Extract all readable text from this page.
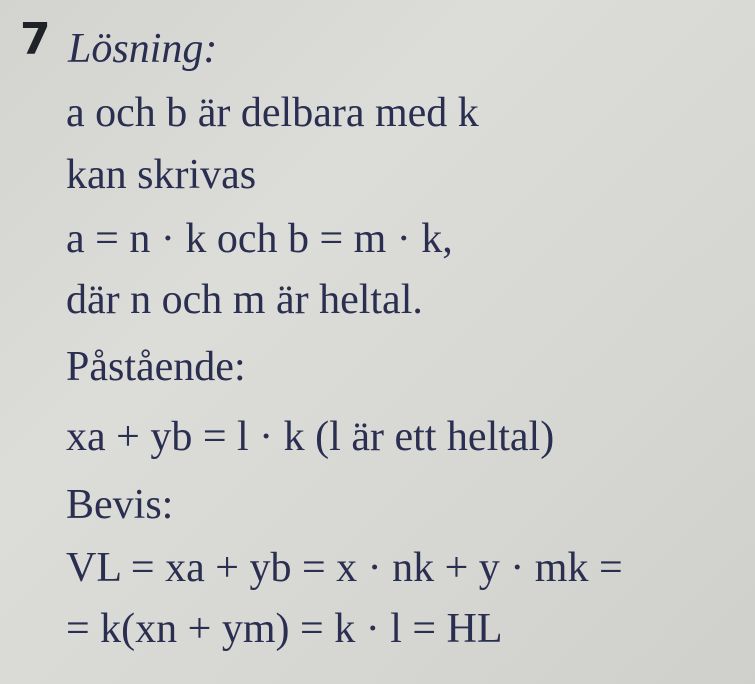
7 Lösning:
a och b är delbara med k
kan skrivas
a = n · k och b = m · k,
där n och m är heltal.
Påstående:
xa + yb = l · k (l är ett heltal)
Bevis:
VL = xa + yb = x · nk + y · mk =
= k(xn + ym) = k · l = HL
